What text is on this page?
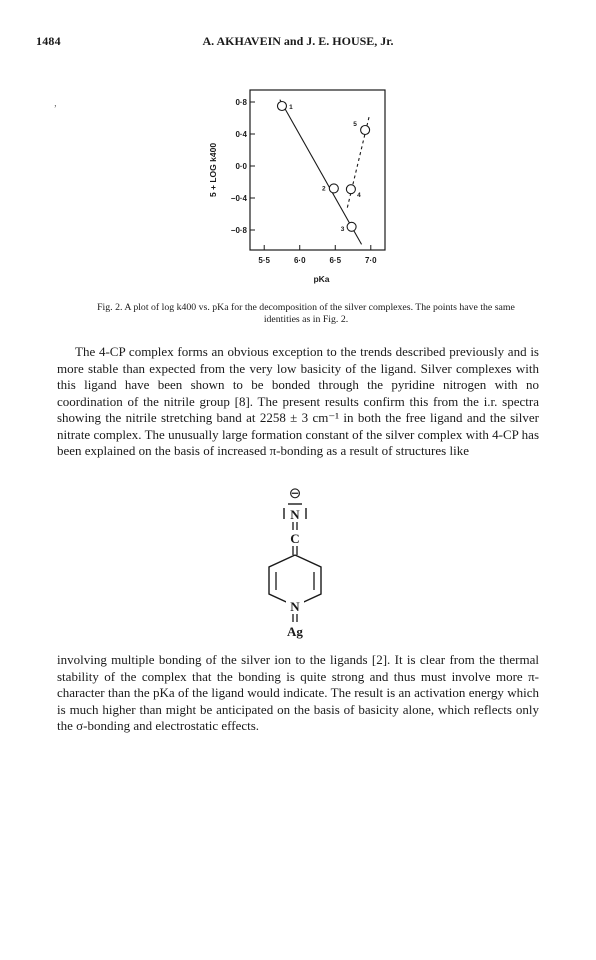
1484	A. AKHAVEIN and J. E. HOUSE, Jr.
’
0·8
0·4
0·0
−0·4
−0·8
5·5	6·0	6·5	7·0
5 + LOG k400
pKa
1
5
2
4
3
Fig. 2. A plot of log k400 vs. pKa for the decomposition of the silver complexes. The points have the same identities as in Fig. 2.
The 4-CP complex forms an obvious exception to the trends described previously and is more stable than expected from the very low basicity of the ligand. Silver complexes with this ligand have been shown to be bonded through the pyridine nitrogen with no coordination of the nitrile group [8]. The present results confirm this from the i.r. spectra showing the nitrile stretching band at 2258 ± 3 cm⁻¹ in both the free ligand and the silver nitrate complex. The unusually large formation constant of the silver complex with 4-CP has been explained on the basis of increased π-bonding as a result of structures like
⊖
N
C
N
Ag
involving multiple bonding of the silver ion to the ligands [2]. It is clear from the thermal stability of the complex that the bonding is quite strong and thus must involve more π-character than the pKa of the ligand would indicate. The result is an activation energy which is much higher than might be anticipated on the basis of basicity alone, which reflects only the σ-bonding and electrostatic effects.
